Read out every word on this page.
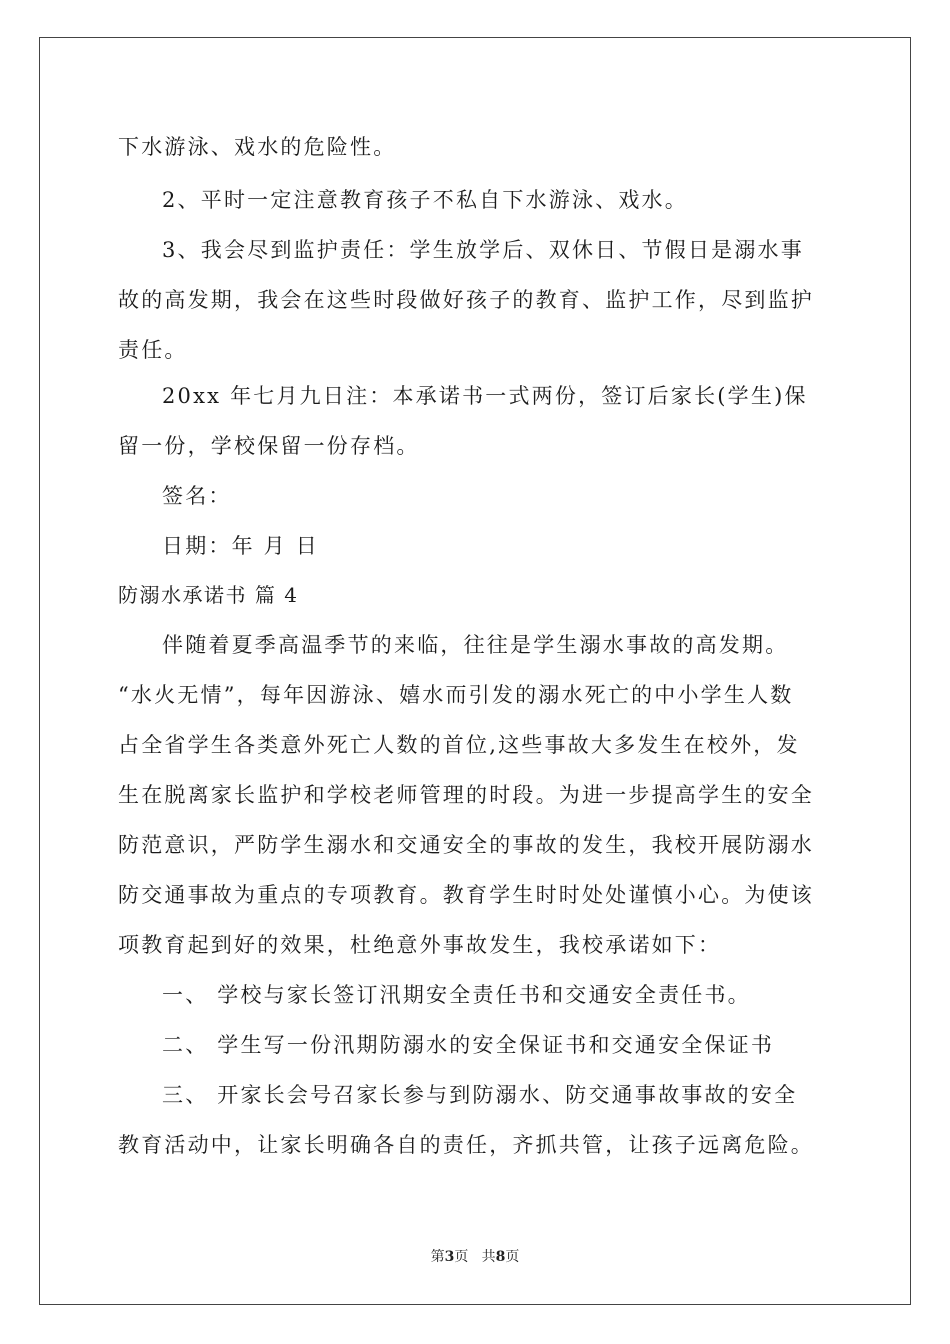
下水游泳、戏水的危险性。
2、平时一定注意教育孩子不私自下水游泳、戏水。
3、我会尽到监护责任：学生放学后、双休日、节假日是溺水事
故的高发期，我会在这些时段做好孩子的教育、监护工作，尽到监护
责任。
20xx 年七月九日注：本承诺书一式两份，签订后家长(学生)保
留一份，学校保留一份存档。
签名：
日期：年 月 日
防溺水承诺书 篇 4
伴随着夏季高温季节的来临，往往是学生溺水事故的高发期。
“水火无情”，每年因游泳、嬉水而引发的溺水死亡的中小学生人数
占全省学生各类意外死亡人数的首位,这些事故大多发生在校外，发
生在脱离家长监护和学校老师管理的时段。为进一步提高学生的安全
防范意识，严防学生溺水和交通安全的事故的发生，我校开展防溺水
防交通事故为重点的专项教育。教育学生时时处处谨慎小心。为使该
项教育起到好的效果，杜绝意外事故发生，我校承诺如下：
一、 学校与家长签订汛期安全责任书和交通安全责任书。
二、 学生写一份汛期防溺水的安全保证书和交通安全保证书
三、 开家长会号召家长参与到防溺水、防交通事故事故的安全
教育活动中，让家长明确各自的责任，齐抓共管，让孩子远离危险。
第3页 共8页
